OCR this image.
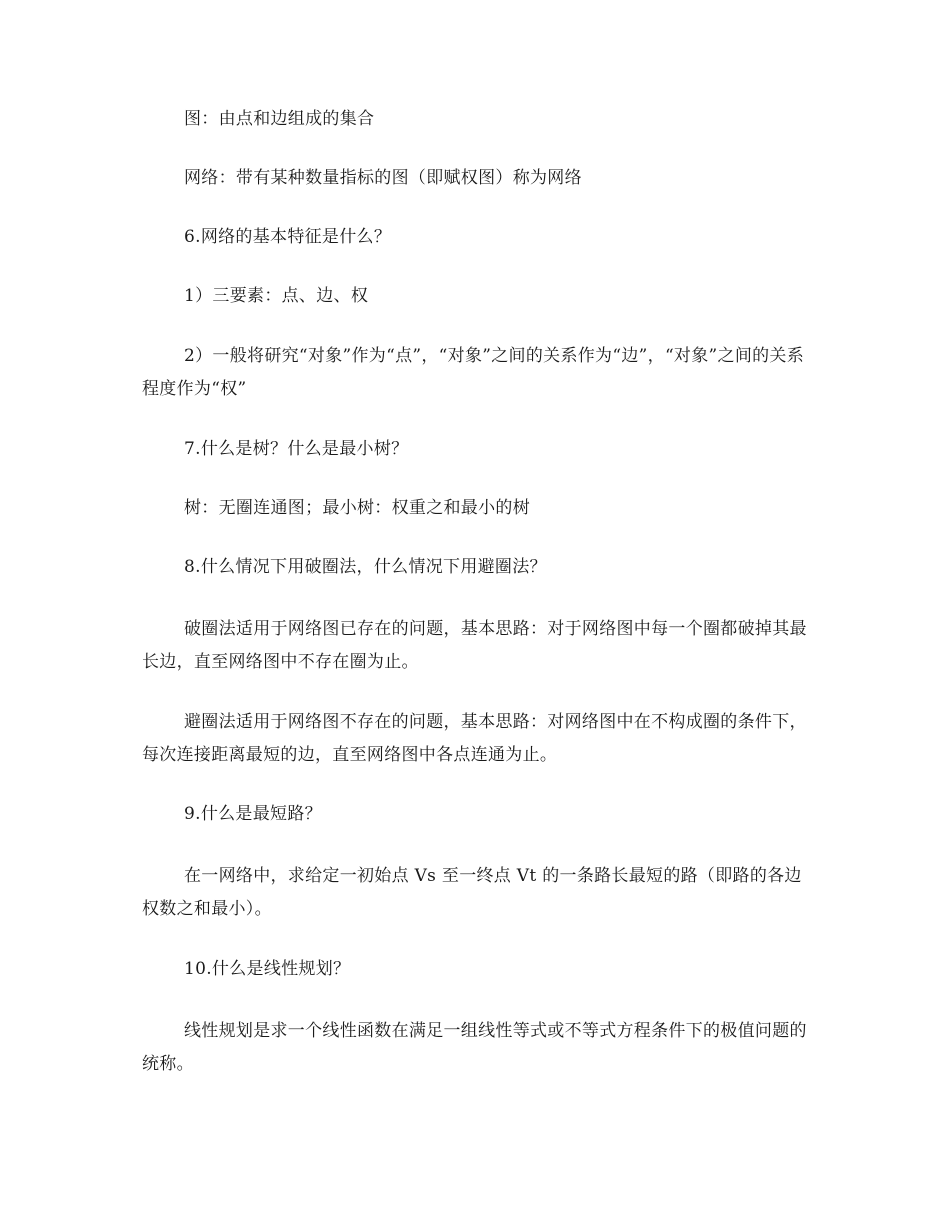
图：由点和边组成的集合

网络：带有某种数量指标的图（即赋权图）称为网络

6.网络的基本特征是什么？

1）三要素：点、边、权

2）一般将研究“对象”作为“点”，“对象”之间的关系作为“边”，“对象”之间的关系程度作为“权”

7.什么是树？什么是最小树？

树：无圈连通图；最小树：权重之和最小的树

8.什么情况下用破圈法，什么情况下用避圈法？

破圈法适用于网络图已存在的问题，基本思路：对于网络图中每一个圈都破掉其最长边，直至网络图中不存在圈为止。

避圈法适用于网络图不存在的问题，基本思路：对网络图中在不构成圈的条件下，每次连接距离最短的边，直至网络图中各点连通为止。

9.什么是最短路？

在一网络中，求给定一初始点 Vs 至一终点 Vt 的一条路长最短的路（即路的各边权数之和最小）。

10.什么是线性规划？

线性规划是求一个线性函数在满足一组线性等式或不等式方程条件下的极值问题的统称。
